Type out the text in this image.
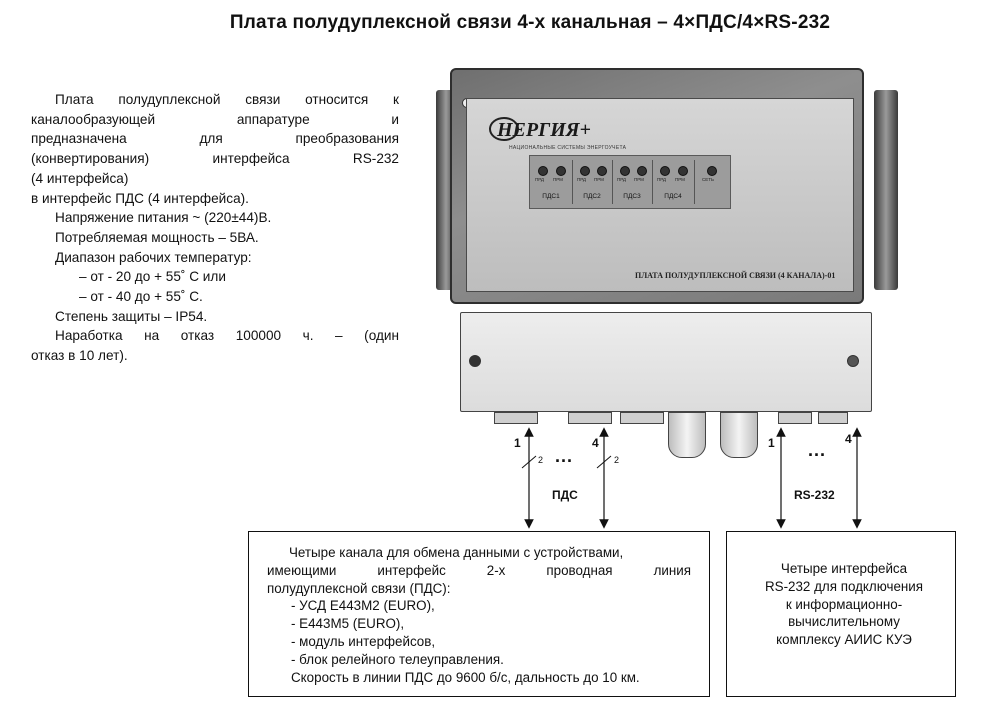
Плата полудуплексной связи 4-х канальная – 4×ПДС/4×RS-232

Плата полудуплексной связи относится к

каналообразующей аппаратуре и

предназначена для преобразования

(конвертирования) интерфейса RS-232

(4 интерфейса)

в интерфейс ПДС (4 интерфейса).

Напряжение питания ~ (220±44)В.

Потребляемая мощность – 5ВА.

Диапазон рабочих температур:

– от - 20 до + 55˚ С или

– от - 40 до + 55˚ С.

Степень защиты – IP54.

Наработка на отказ 100000 ч. – (один

отказ в 10 лет).

НЕРГИЯ+
НАЦИОНАЛЬНЫЕ СИСТЕМЫ ЭНЕРГОУЧЕТА
ПРД ПРМ
ПДС1
ПРД ПРМ
ПДС2
ПРД ПРМ
ПДС3
ПРД ПРМ
ПДС4
СЕТЬ
ПЛАТА ПОЛУДУПЛЕКСНОЙ СВЯЗИ (4 КАНАЛА)-01
1	4	1	4
2	2
...	...
ПДС	RS-232

Четыре канала для обмена данными с устройствами,

имеющими интерфейс 2-х проводная линия

полудуплексной связи (ПДС):

- УСД Е443М2 (EURO),

- Е443М5 (EURO),

- модуль интерфейсов,

- блок релейного телеуправления.

Скорость в линии ПДС до 9600 б/с, дальность до 10 км.

Четыре интерфейса

RS-232 для подключения

к информационно-

вычислительному

комплексу АИИС КУЭ
